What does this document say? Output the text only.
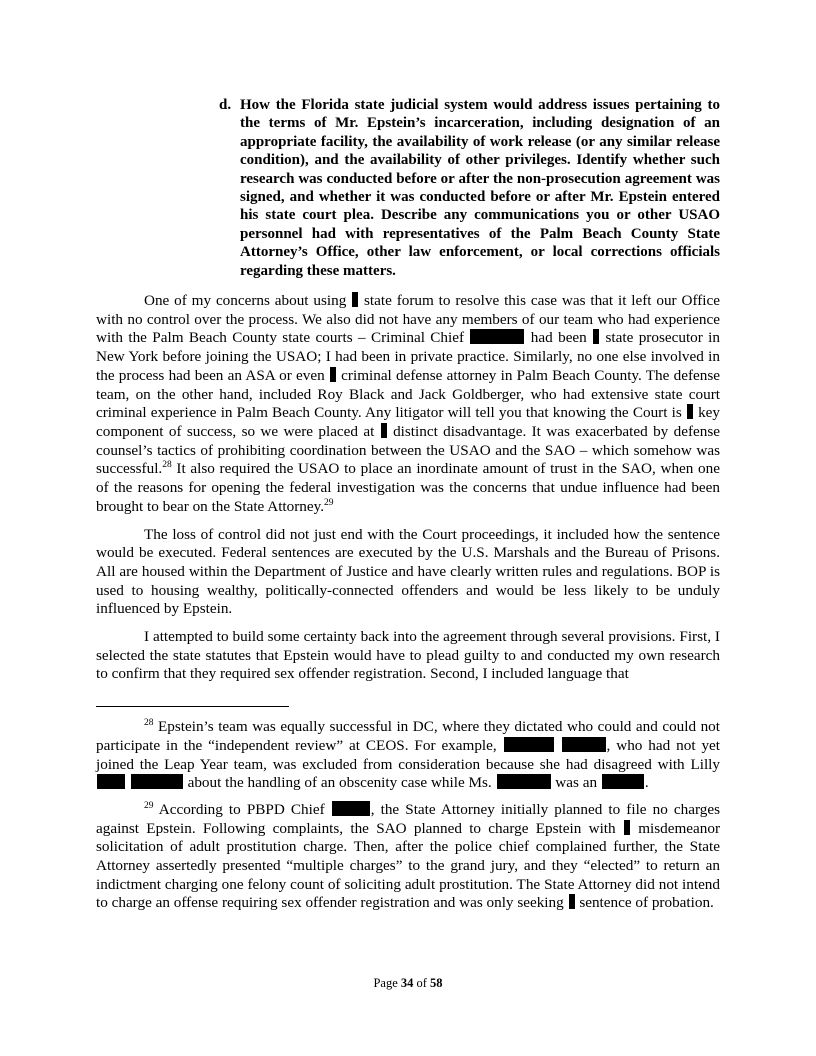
d. How the Florida state judicial system would address issues pertaining to the terms of Mr. Epstein’s incarceration, including designation of an appropriate facility, the availability of work release (or any similar release condition), and the availability of other privileges. Identify whether such research was conducted before or after the non-prosecution agreement was signed, and whether it was conducted before or after Mr. Epstein entered his state court plea. Describe any communications you or other USAO personnel had with representatives of the Palm Beach County State Attorney’s Office, other law enforcement, or local corrections officials regarding these matters.

One of my concerns about using state forum to resolve this case was that it left our Office with no control over the process. We also did not have any members of our team who had experience with the Palm Beach County state courts – Criminal Chief	had been state prosecutor in New York before joining the USAO; I had been in private practice. Similarly, no one else involved in the process had been an ASA or even criminal defense attorney in Palm Beach County. The defense team, on the other hand, included Roy Black and Jack Goldberger, who had extensive state court criminal experience in Palm Beach County. Any litigator will tell you that knowing the Court is key component of success, so we were placed at distinct disadvantage. It was exacerbated by defense counsel’s tactics of prohibiting coordination between the USAO and the SAO – which somehow was successful.$^{28}$ It also required the USAO to place an inordinate amount of trust in the SAO, when one of the reasons for opening the federal investigation was the concerns that undue influence had been brought to bear on the State Attorney.$^{29}$

The loss of control did not just end with the Court proceedings, it included how the sentence would be executed. Federal sentences are executed by the U.S. Marshals and the Bureau of Prisons. All are housed within the Department of Justice and have clearly written rules and regulations. BOP is used to housing wealthy, politically-connected offenders and would be less likely to be unduly influenced by Epstein.

I attempted to build some certainty back into the agreement through several provisions. First, I selected the state statutes that Epstein would have to plead guilty to and conducted my own research to confirm that they required sex offender registration. Second, I included language that

$^{28}$ Epstein’s team was equally successful in DC, where they dictated who could and could not participate in the “independent review” at CEOS. For example,	, who had not yet joined the Leap Year team, was excluded from consideration because she had disagreed with Lilly   about the handling of an obscenity case while Ms.	was an	.

$^{29}$ According to PBPD Chief	, the State Attorney initially planned to file no charges against Epstein. Following complaints, the SAO planned to charge Epstein with misdemeanor solicitation of adult prostitution charge. Then, after the police chief complained further, the State Attorney assertedly presented “multiple charges” to the grand jury, and they “elected” to return an indictment charging one felony count of soliciting adult prostitution. The State Attorney did not intend to charge an offense requiring sex offender registration and was only seeking sentence of probation.

Page 34 of 58
